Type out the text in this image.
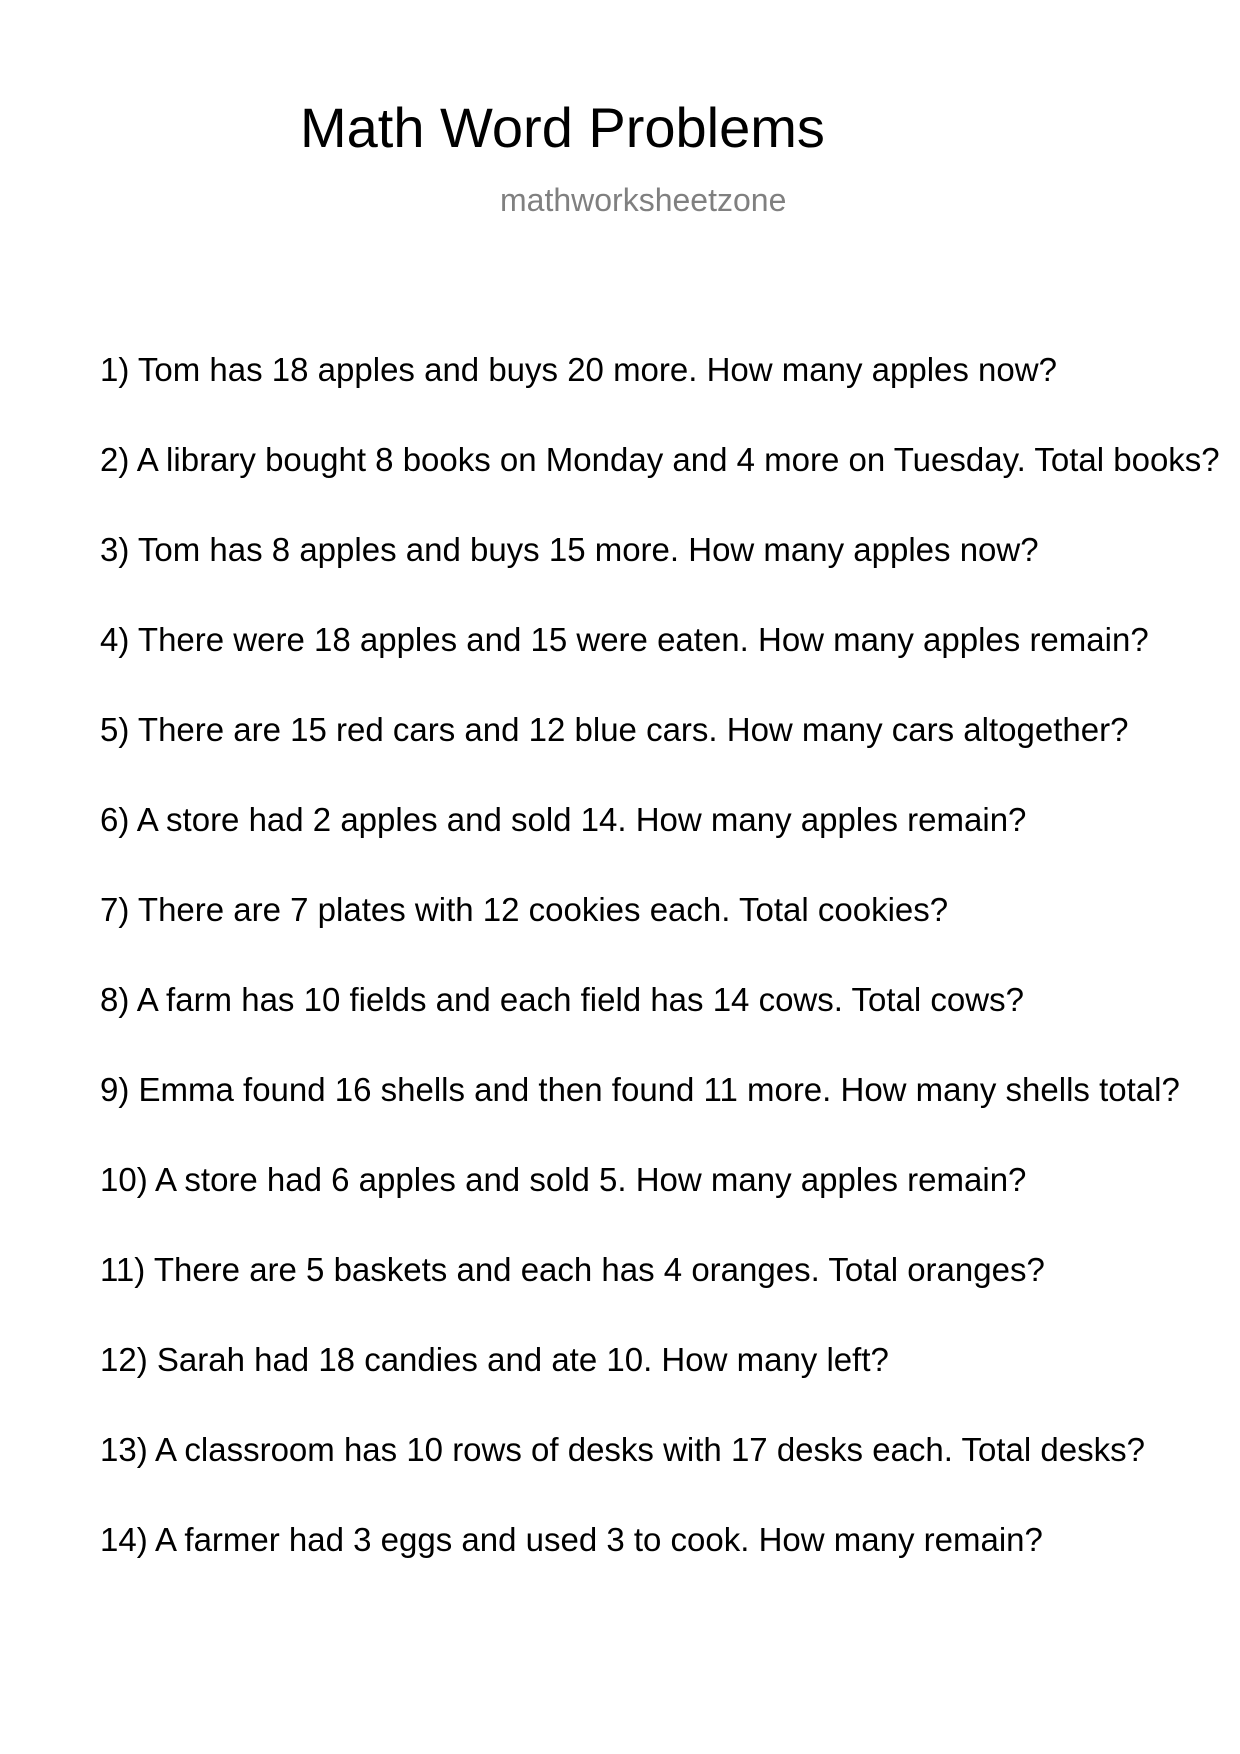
Math Word Problems
mathworksheetzone
1) Tom has 18 apples and buys 20 more. How many apples now?
2) A library bought 8 books on Monday and 4 more on Tuesday. Total books?
3) Tom has 8 apples and buys 15 more. How many apples now?
4) There were 18 apples and 15 were eaten. How many apples remain?
5) There are 15 red cars and 12 blue cars. How many cars altogether?
6) A store had 2 apples and sold 14. How many apples remain?
7) There are 7 plates with 12 cookies each. Total cookies?
8) A farm has 10 fields and each field has 14 cows. Total cows?
9) Emma found 16 shells and then found 11 more. How many shells total?
10) A store had 6 apples and sold 5. How many apples remain?
11) There are 5 baskets and each has 4 oranges. Total oranges?
12) Sarah had 18 candies and ate 10. How many left?
13) A classroom has 10 rows of desks with 17 desks each. Total desks?
14) A farmer had 3 eggs and used 3 to cook. How many remain?
